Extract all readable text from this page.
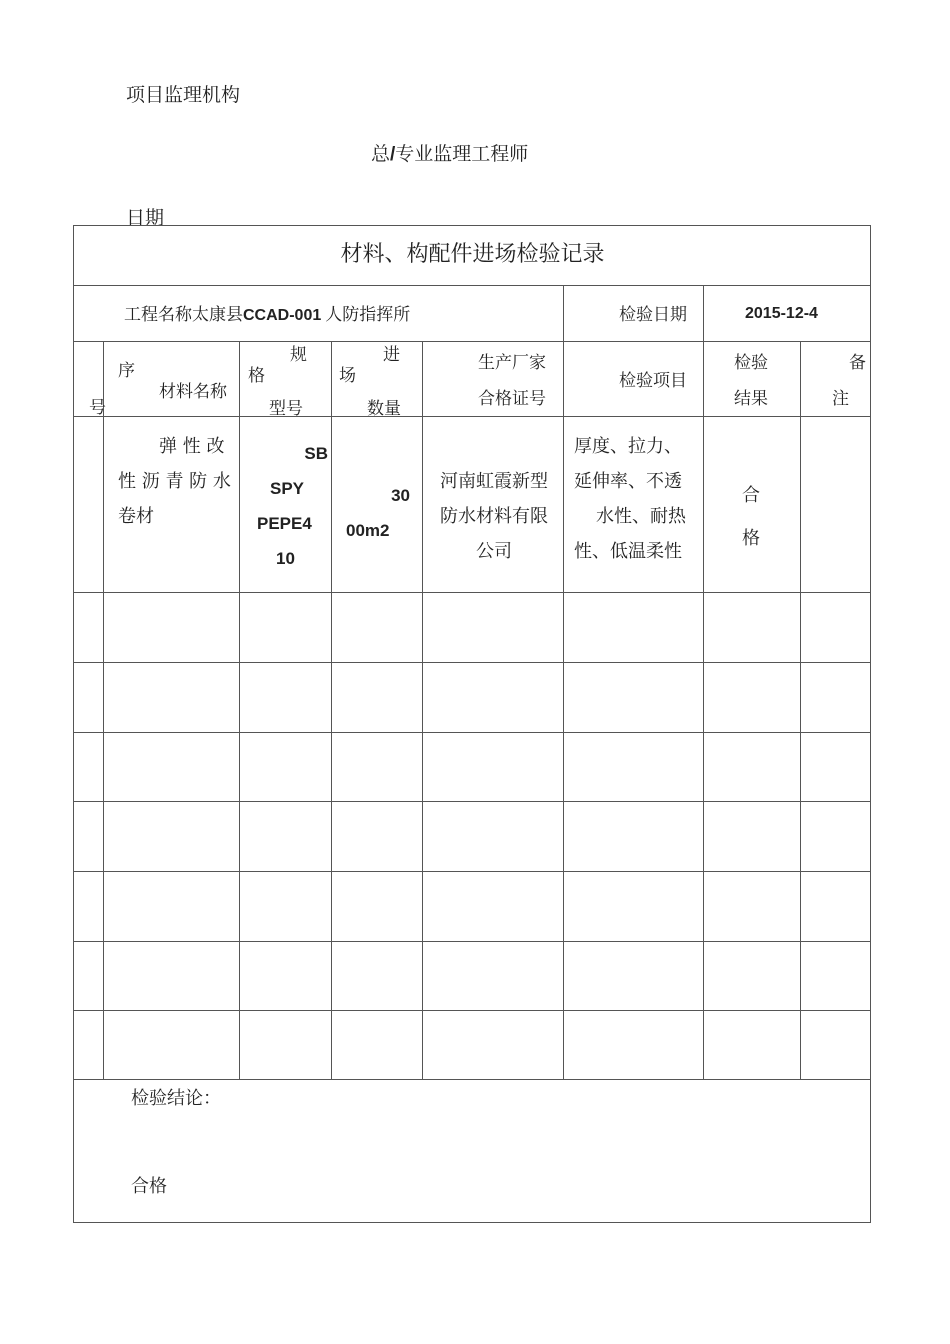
项目监理机构
总/专业监理工程师
日期
材料、构配件进场检验记录
工程名称太康县CCAD-001 人防指挥所	检验日期	2015-12-4
序
号
材料名称
规
格
型号
进
场
数量
生产厂家
合格证号
检验项目
检验
结果
备
注
弹 性 改
性 沥 青 防 水
卷材
SB
SPY
PEPE4
10
30
00m2
河南虹霞新型
防水材料有限
公司
厚度、拉力、
延伸率、不透
水性、耐热
性、低温柔性
合
格
检验结论：
合格
